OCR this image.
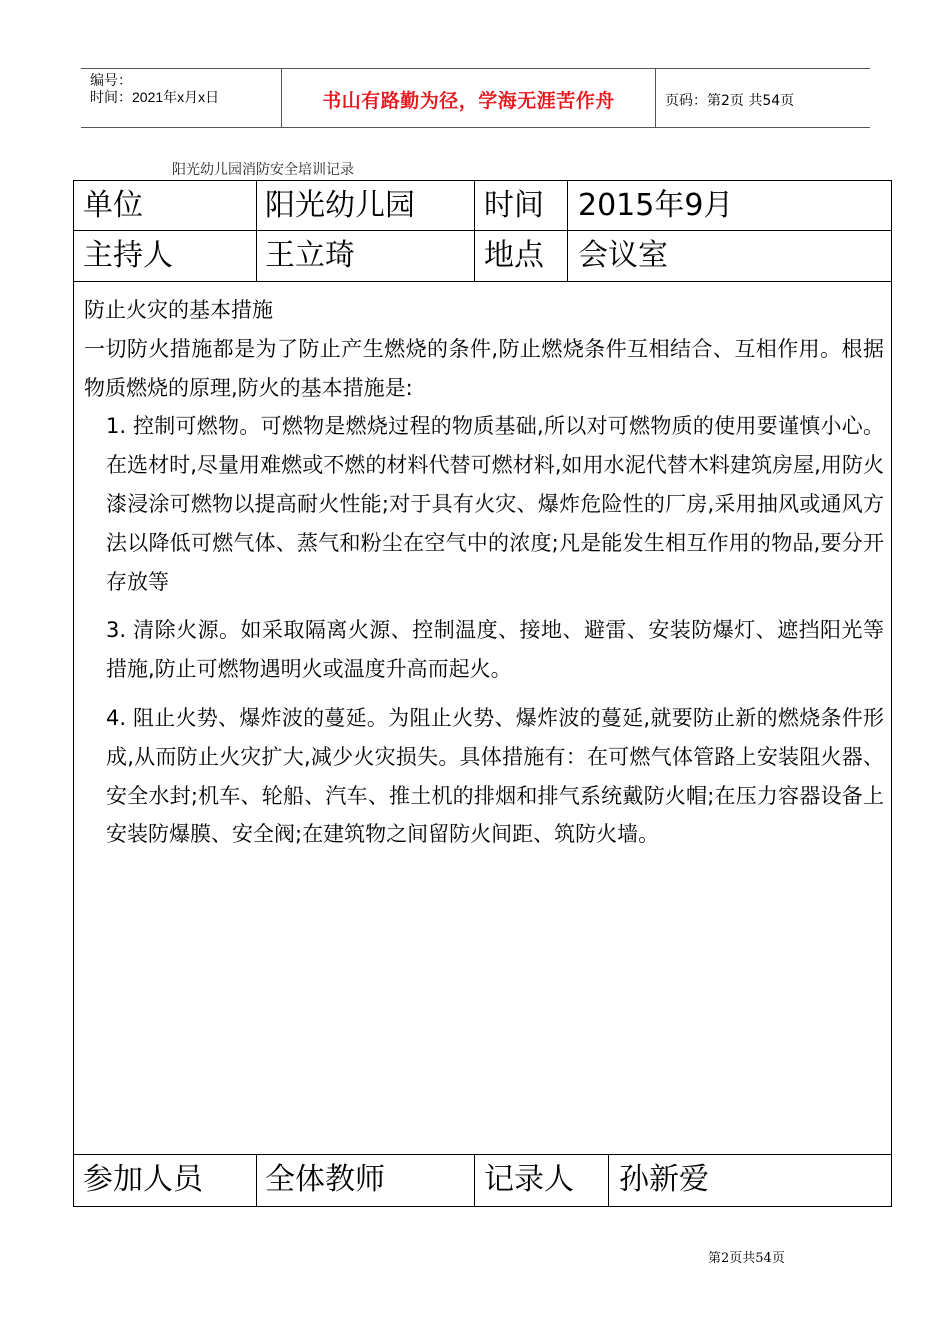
编号：
时间：2021年x月x日	书山有路勤为径，学海无涯苦作舟	页码：第2页 共54页
阳光幼儿园消防安全培训记录
单位	阳光幼儿园 时间 2015年9月
主持人	王立琦	地点 会议室

防止火灾的基本措施

一切防火措施都是为了防止产生燃烧的条件,防止燃烧条件互相结合、互相作用。根据物质燃烧的原理,防火的基本措施是:

1. 控制可燃物。可燃物是燃烧过程的物质基础,所以对可燃物质的使用要谨慎小心。在选材时,尽量用难燃或不燃的材料代替可燃材料,如用水泥代替木料建筑房屋,用防火漆浸涂可燃物以提高耐火性能;对于具有火灾、爆炸危险性的厂房,采用抽风或通风方法以降低可燃气体、蒸气和粉尘在空气中的浓度;凡是能发生相互作用的物品,要分开存放等

3. 清除火源。如采取隔离火源、控制温度、接地、避雷、安装防爆灯、遮挡阳光等措施,防止可燃物遇明火或温度升高而起火。

4. 阻止火势、爆炸波的蔓延。为阻止火势、爆炸波的蔓延,就要防止新的燃烧条件形成,从而防止火灾扩大,减少火灾损失。具体措施有：在可燃气体管路上安装阻火器、安全水封;机车、轮船、汽车、推土机的排烟和排气系统戴防火帽;在压力容器设备上安装防爆膜、安全阀;在建筑物之间留防火间距、筑防火墙。

参加人员 全体教师	记录人 孙新爱
第2页共54页
